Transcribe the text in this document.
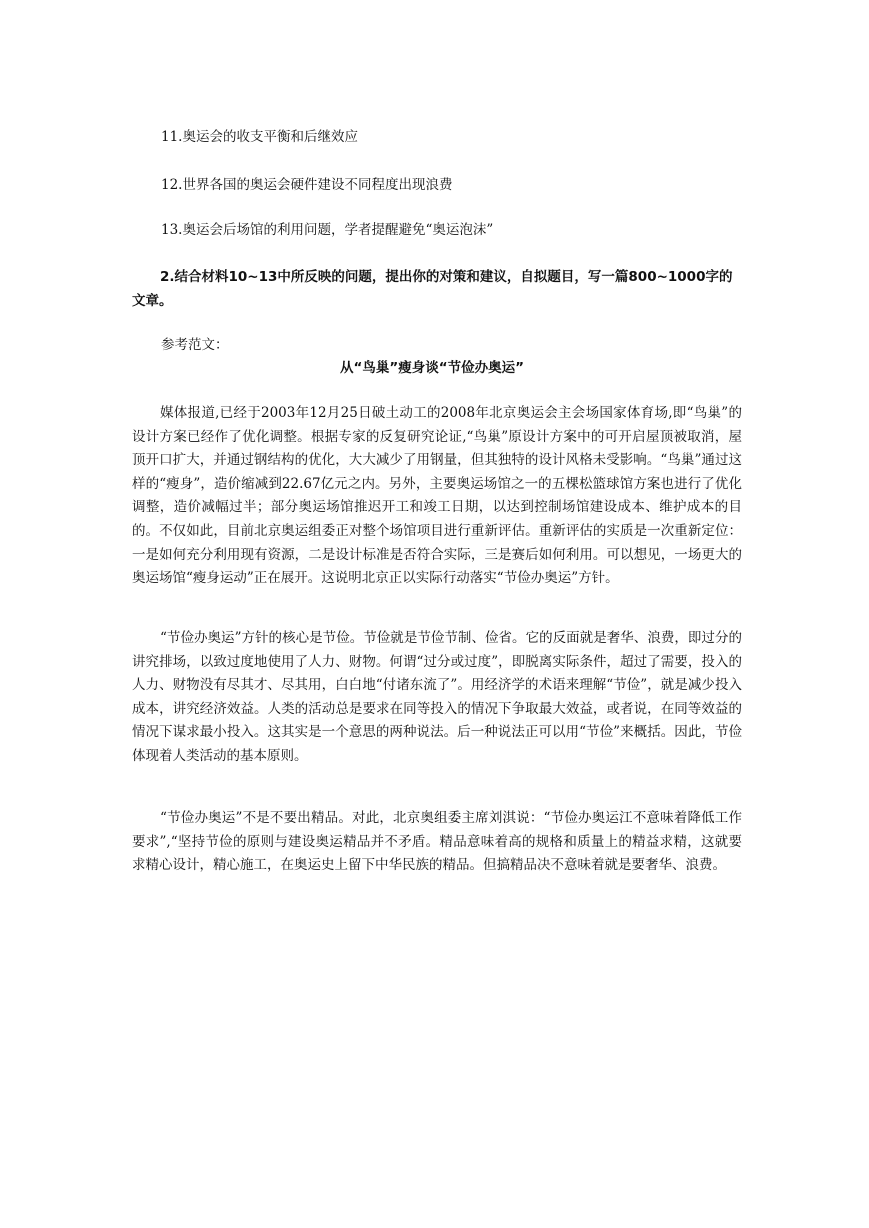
11.奥运会的收支平衡和后继效应
12.世界各国的奥运会硬件建设不同程度出现浪费
13.奥运会后场馆的利用问题，学者提醒避免“奥运泡沫”
2.结合材料10~13中所反映的问题，提出你的对策和建议，自拟题目，写一篇800~1000字的文章。
参考范文：
从“鸟巢”瘦身谈“节俭办奥运”

媒体报道,已经于2003年12月25日破土动工的2008年北京奥运会主会场国家体育场,即“鸟巢”的设计方案已经作了优化调整。根据专家的反复研究论证,“鸟巢”原设计方案中的可开启屋顶被取消，屋顶开口扩大，并通过钢结构的优化，大大减少了用钢量，但其独特的设计风格未受影响。“鸟巢”通过这样的“瘦身”，造价缩减到22.67亿元之内。另外，主要奥运场馆之一的五棵松篮球馆方案也进行了优化调整，造价减幅过半；部分奥运场馆推迟开工和竣工日期，以达到控制场馆建设成本、维护成本的目的。不仅如此，目前北京奥运组委正对整个场馆项目进行重新评估。重新评估的实质是一次重新定位：一是如何充分利用现有资源，二是设计标准是否符合实际，三是赛后如何利用。可以想见，一场更大的奥运场馆“瘦身运动”正在展开。这说明北京正以实际行动落实“节俭办奥运”方针。

“节俭办奥运”方针的核心是节俭。节俭就是节俭节制、俭省。它的反面就是奢华、浪费，即过分的讲究排场，以致过度地使用了人力、财物。何谓“过分或过度”，即脱离实际条件，超过了需要，投入的人力、财物没有尽其才、尽其用，白白地“付诸东流了”。用经济学的术语来理解“节俭”，就是减少投入成本，讲究经济效益。人类的活动总是要求在同等投入的情况下争取最大效益，或者说，在同等效益的情况下谋求最小投入。这其实是一个意思的两种说法。后一种说法正可以用“节俭”来概括。因此，节俭体现着人类活动的基本原则。

“节俭办奥运”不是不要出精品。对此，北京奥组委主席刘淇说：“节俭办奥运江不意味着降低工作要求”,“坚持节俭的原则与建设奥运精品并不矛盾。精品意味着高的规格和质量上的精益求精，这就要求精心设计，精心施工，在奥运史上留下中华民族的精品。但搞精品决不意味着就是要奢华、浪费。
